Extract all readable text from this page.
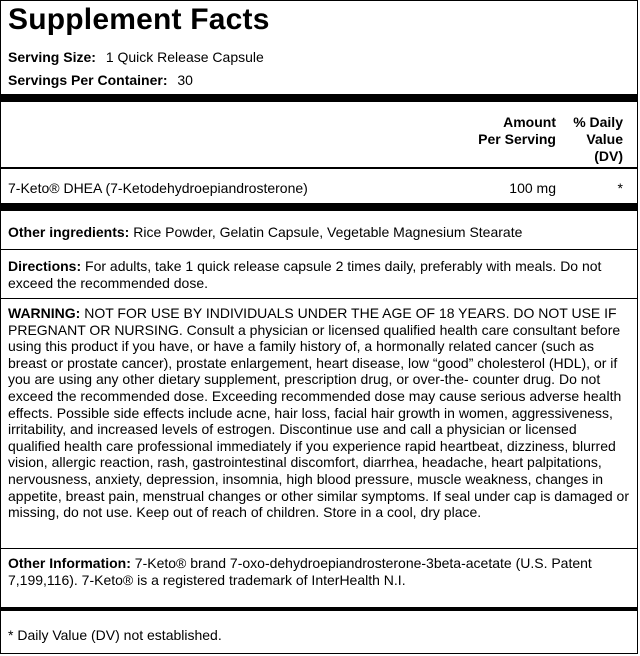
Supplement Facts
Serving Size: 1 Quick Release Capsule
Servings Per Container: 30
Amount
Per Serving
% Daily
Value
(DV)
7-Keto® DHEA (7-Ketodehydroepiandrosterone)	100 mg	*
Other ingredients: Rice Powder, Gelatin Capsule, Vegetable Magnesium Stearate
Directions: For adults, take 1 quick release capsule 2 times daily, preferably with meals. Do not exceed the recommended dose.
WARNING: NOT FOR USE BY INDIVIDUALS UNDER THE AGE OF 18 YEARS. DO NOT USE IF PREGNANT OR NURSING. Consult a physician or licensed qualified health care consultant before using this product if you have, or have a family history of, a hormonally related cancer (such as breast or prostate cancer), prostate enlargement, heart disease, low “good” cholesterol (HDL), or if you are using any other dietary supplement, prescription drug, or over-the- counter drug. Do not exceed the recommended dose. Exceeding recommended dose may cause serious adverse health effects. Possible side effects include acne, hair loss, facial hair growth in women, aggressiveness, irritability, and increased levels of estrogen. Discontinue use and call a physician or licensed qualified health care professional immediately if you experience rapid heartbeat, dizziness, blurred vision, allergic reaction, rash, gastrointestinal discomfort, diarrhea, headache, heart palpitations, nervousness, anxiety, depression, insomnia, high blood pressure, muscle weakness, changes in appetite, breast pain, menstrual changes or other similar symptoms. If seal under cap is damaged or missing, do not use. Keep out of reach of children. Store in a cool, dry place.
Other Information: 7-Keto® brand 7-oxo-dehydroepiandrosterone-3beta-acetate (U.S. Patent 7,199,116). 7-Keto® is a registered trademark of InterHealth N.I.
* Daily Value (DV) not established.
